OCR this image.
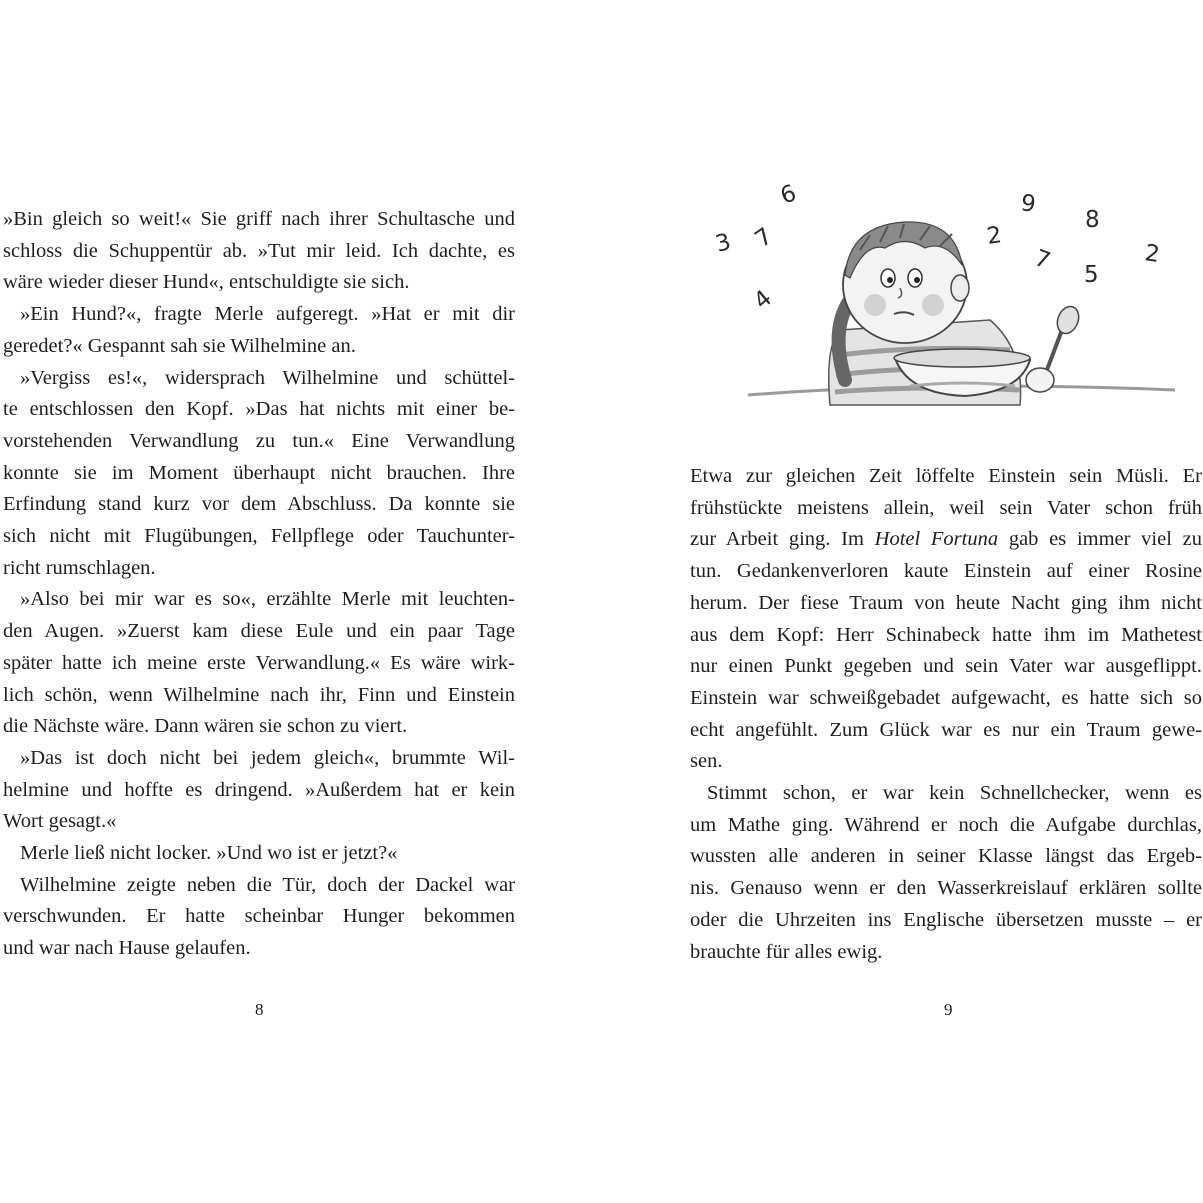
»Bin gleich so weit!« Sie griff nach ihrer Schultasche und
schloss die Schuppentür ab. »Tut mir leid. Ich dachte, es
wäre wieder dieser Hund«, entschuldigte sie sich.
»Ein Hund?«, fragte Merle aufgeregt. »Hat er mit dir
geredet?« Gespannt sah sie Wilhelmine an.
»Vergiss es!«, widersprach Wilhelmine und schüttel-
te entschlossen den Kopf. »Das hat nichts mit einer be-
vorstehenden Verwandlung zu tun.« Eine Verwandlung
konnte sie im Moment überhaupt nicht brauchen. Ihre
Erfindung stand kurz vor dem Abschluss. Da konnte sie
sich nicht mit Flugübungen, Fellpflege oder Tauchunter-
richt rumschlagen.
»Also bei mir war es so«, erzählte Merle mit leuchten-
den Augen. »Zuerst kam diese Eule und ein paar Tage
später hatte ich meine erste Verwandlung.« Es wäre wirk-
lich schön, wenn Wilhelmine nach ihr, Finn und Einstein
die Nächste wäre. Dann wären sie schon zu viert.
»Das ist doch nicht bei jedem gleich«, brummte Wil-
helmine und hoffte es dringend. »Außerdem hat er kein
Wort gesagt.«
Merle ließ nicht locker. »Und wo ist er jetzt?«
Wilhelmine zeigte neben die Tür, doch der Dackel war
verschwunden. Er hatte scheinbar Hunger bekommen
und war nach Hause gelaufen.
8
6
3 7
4
9
2
7
8
5
2
Etwa zur gleichen Zeit löffelte Einstein sein Müsli. Er
frühstückte meistens allein, weil sein Vater schon früh
zur Arbeit ging. Im Hotel Fortuna gab es immer viel zu
tun. Gedankenverloren kaute Einstein auf einer Rosine
herum. Der fiese Traum von heute Nacht ging ihm nicht
aus dem Kopf: Herr Schinabeck hatte ihm im Mathetest
nur einen Punkt gegeben und sein Vater war ausgeflippt.
Einstein war schweißgebadet aufgewacht, es hatte sich so
echt angefühlt. Zum Glück war es nur ein Traum gewe-
sen.
Stimmt schon, er war kein Schnellchecker, wenn es
um Mathe ging. Während er noch die Aufgabe durchlas,
wussten alle anderen in seiner Klasse längst das Ergeb-
nis. Genauso wenn er den Wasserkreislauf erklären sollte
oder die Uhrzeiten ins Englische übersetzen musste – er
brauchte für alles ewig.
9
